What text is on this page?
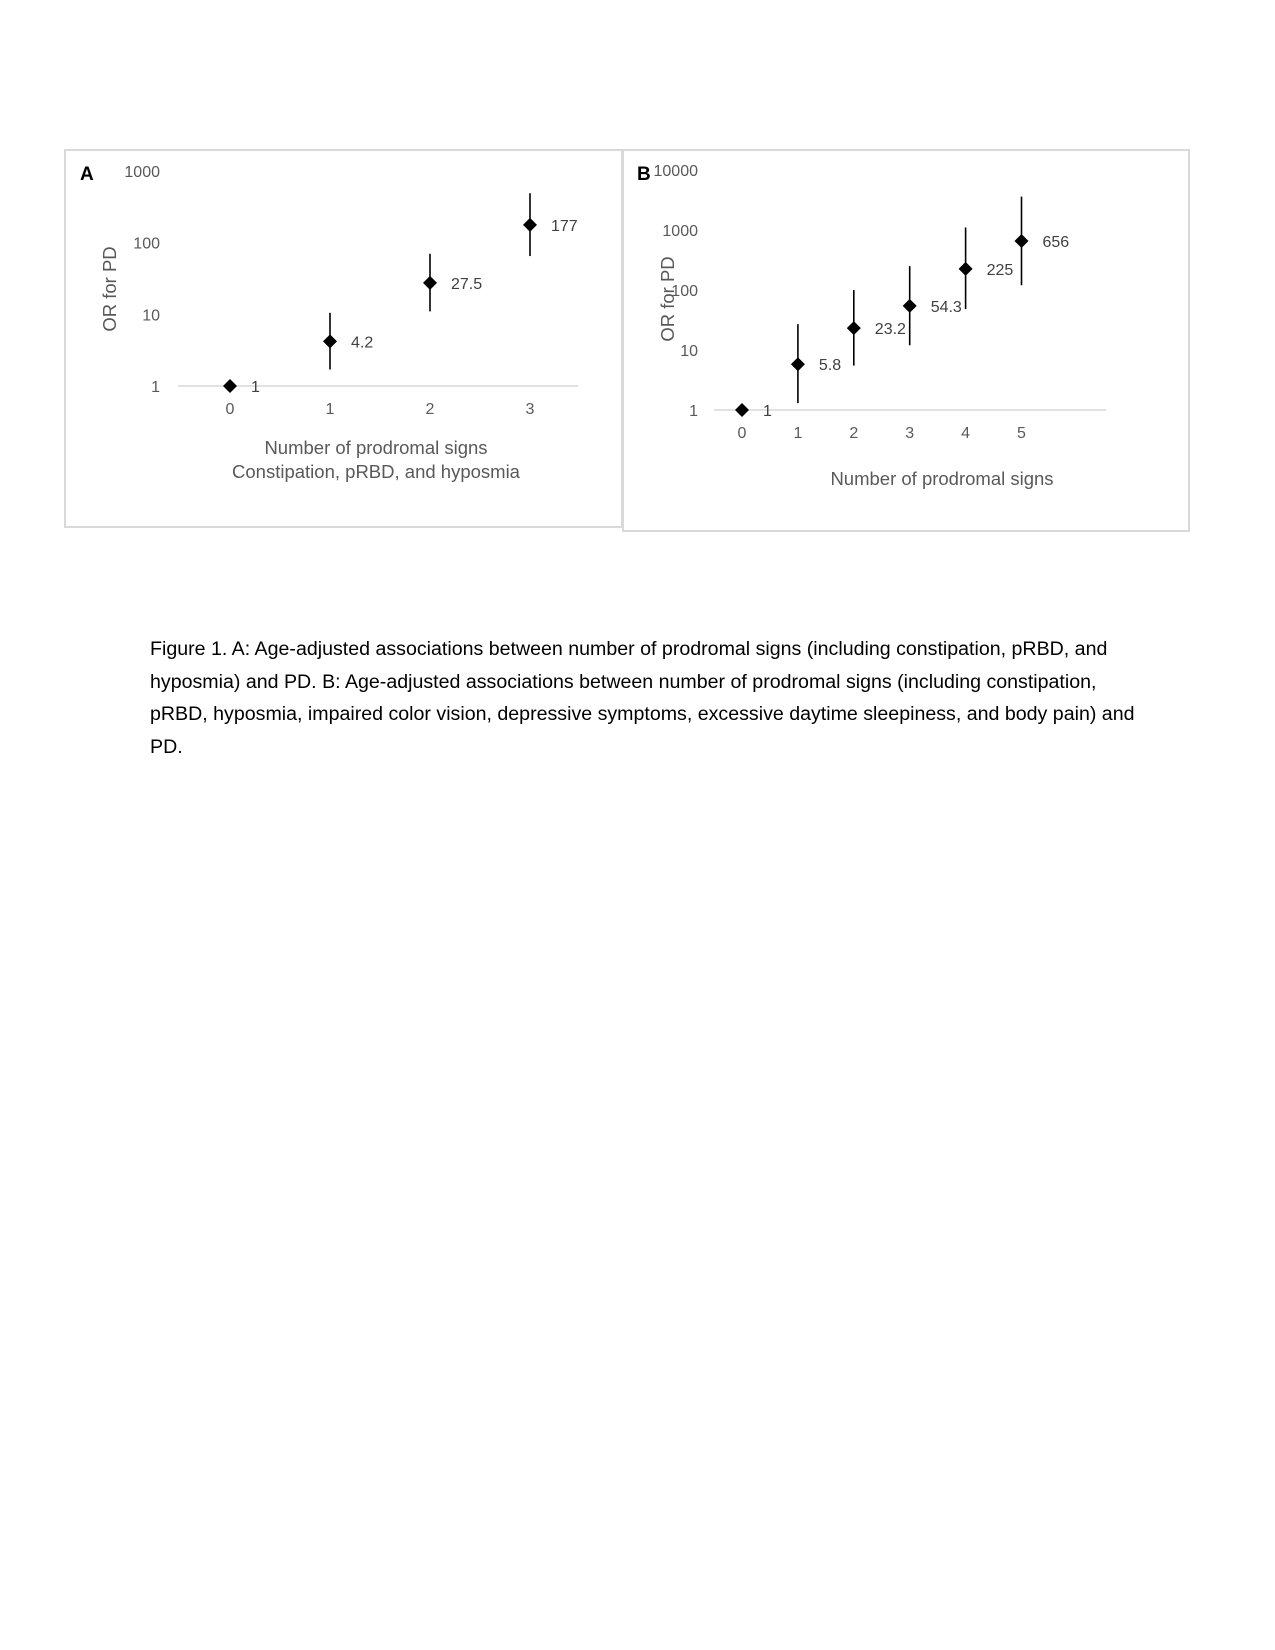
A
OR for PD
Number of prodromal signs
Constipation, pRBD, and hyposmia
1
10
100
1000
0	1	2	3
1
4.2
27.5
177
B
OR for PD
Number of prodromal signs
1
10
100
1000
10000
0	1	2	3	4	5
1
5.8
23.2
54.3
225
656

Figure 1. A: Age-adjusted associations between number of prodromal signs (including constipation, pRBD, and hyposmia) and PD. B: Age-adjusted associations between number of prodromal signs (including constipation, pRBD, hyposmia, impaired color vision, depressive symptoms, excessive daytime sleepiness, and body pain) and PD.
